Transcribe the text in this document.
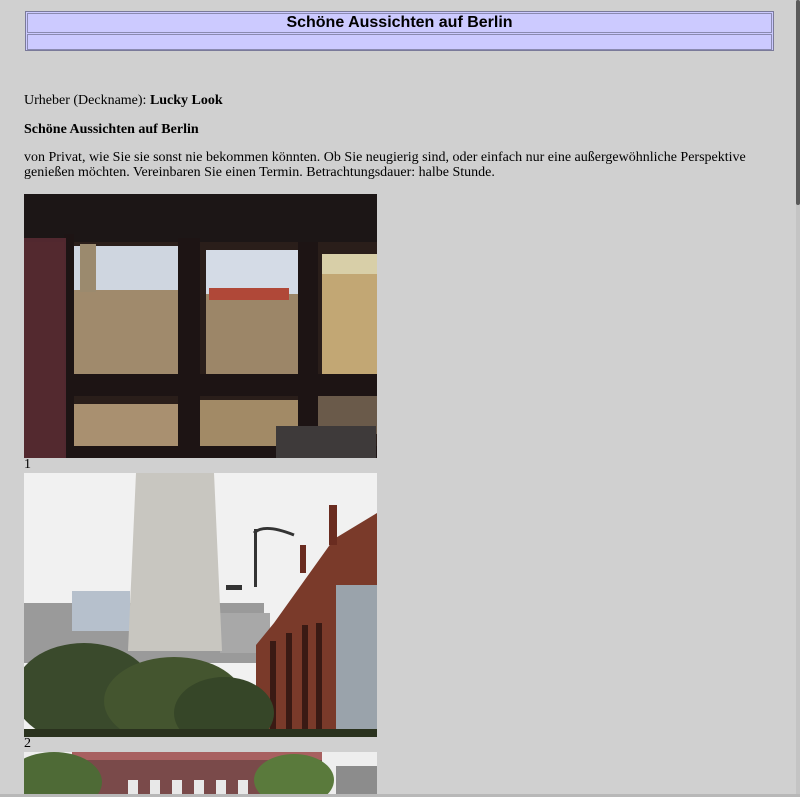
Schöne Aussichten auf Berlin
Urheber (Deckname): Lucky Look
Schöne Aussichten auf Berlin
von Privat, wie Sie sie sonst nie bekommen könnten. Ob Sie neugierig sind, oder einfach nur eine außergewöhnliche Perspektive genießen möchten. Vereinbaren Sie einen Termin. Betrachtungsdauer: halbe Stunde.
1
2
